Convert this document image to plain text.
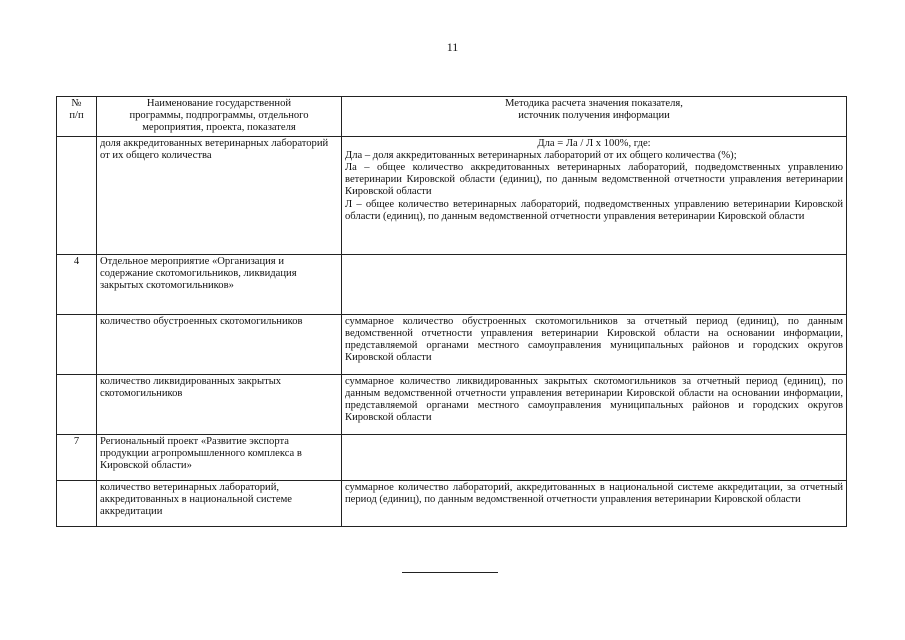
11
№
п/п	Наименование государственной
программы, подпрограммы, отдельного
мероприятия, проекта, показателя	Методика расчета значения показателя,
источник получения информации

	доля аккредитованных ветеринарных лабораторий от их общего количества	Дла = Ла / Л х 100%, где:
Дла – доля аккредитованных ветеринарных лабораторий от их общего количества (%);
Ла – общее количество аккредитованных ветеринарных лабораторий, подведомственных управлению ветеринарии Кировской области (единиц), по данным ведомственной отчетности управления ветеринарии Кировской области
Л – общее количество ветеринарных лабораторий, подведомственных управлению ветеринарии Кировской области (единиц), по данным ведомственной отчетности управления ветеринарии Кировской области

4	Отдельное мероприятие «Организация и содержание скотомогильников, ликвидация закрытых скотомогильников»	
	количество обустроенных скотомогильников	суммарное количество обустроенных скотомогильников за отчетный период (единиц), по данным ведомственной отчетности управления ветеринарии Кировской области на основании информации, представляемой органами местного самоуправления муниципальных районов и городских округов Кировской области

	количество ликвидированных закрытых скотомогильников	суммарное количество ликвидированных закрытых скотомогильников за отчетный период (единиц), по данным ведомственной отчетности управления ветеринарии Кировской области на основании информации, представляемой органами местного самоуправления муниципальных районов и городских округов Кировской области

7	Региональный проект «Развитие экспорта продукции агропромышленного комплекса в Кировской области»	
	количество ветеринарных лабораторий, аккредитованных в национальной системе аккредитации	суммарное количество лабораторий, аккредитованных в национальной системе аккредитации, за отчетный период (единиц), по данным ведомственной отчетности управления ветеринарии Кировской области
